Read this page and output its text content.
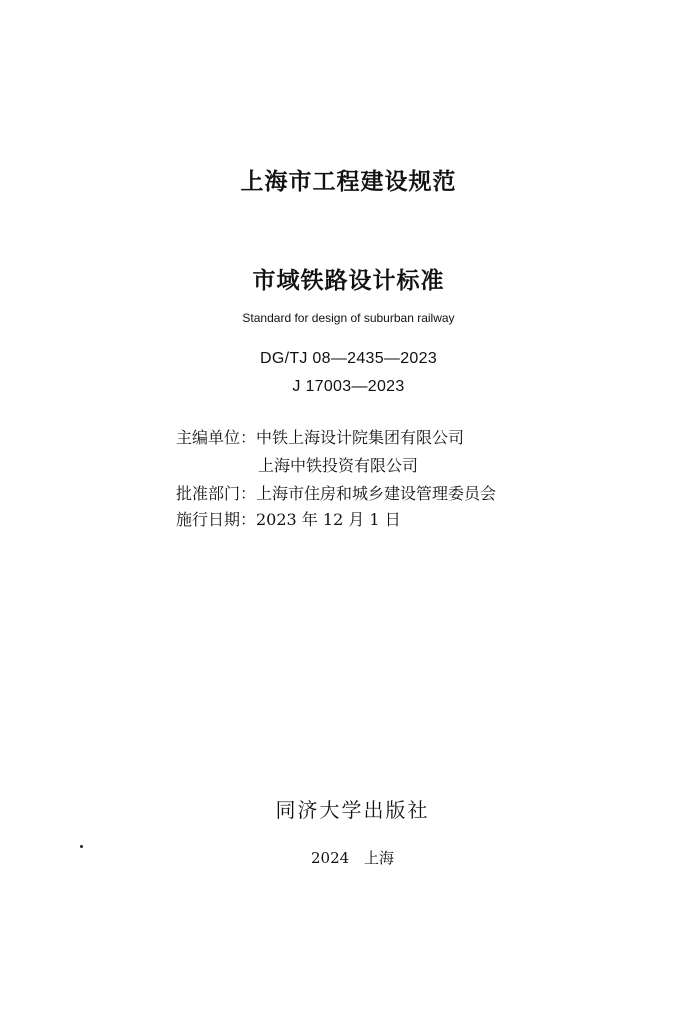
上海市工程建设规范
市域铁路设计标准
Standard for design of suburban railway
DG/TJ 08—2435—2023
J 17003—2023
主编单位：中铁上海设计院集团有限公司
上海中铁投资有限公司
批准部门：上海市住房和城乡建设管理委员会
施行日期：2023 年 12 月 1 日
同济大学出版社
2024 上海
